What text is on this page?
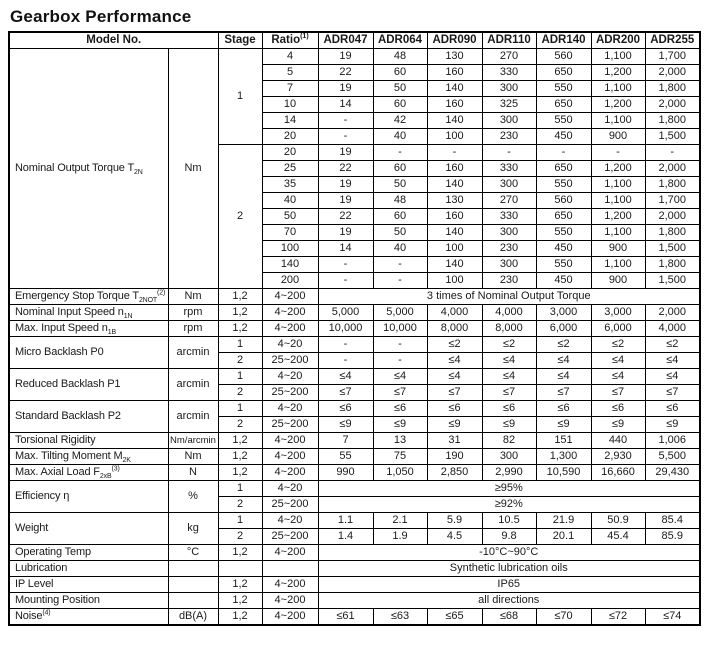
Gearbox Performance
Model No.		Stage	Ratio$^{(1)}$	ADR047	ADR064	ADR090	ADR110	ADR140	ADR200	ADR255
Nominal Output Torque $T_{2N}$	Nm	1	4	19	48	130	270	560	1,100	1,700
			5	22	60	160	330	650	1,200	2,000
			7	19	50	140	300	550	1,100	1,800
			10	14	60	160	325	650	1,200	2,000
			14	-	42	140	300	550	1,100	1,800
			20	-	40	100	230	450	900	1,500
		2	20	19	-	-	-	-	-	-
			25	22	60	160	330	650	1,200	2,000
			35	19	50	140	300	550	1,100	1,800
			40	19	48	130	270	560	1,100	1,700
			50	22	60	160	330	650	1,200	2,000
			70	19	50	140	300	550	1,100	1,800
			100	14	40	100	230	450	900	1,500
			140	-	-	140	300	550	1,100	1,800
			200	-	-	100	230	450	900	1,500
Emergency Stop Torque $T_{2NOT}^{(2)}$	Nm	1,2	4~200	3 times of Nominal Output Torque						
Nominal Input Speed $n_{1N}$	rpm	1,2	4~200	5,000	5,000	4,000	4,000	3,000	3,000	2,000
Max. Input Speed $n_{1B}$	rpm	1,2	4~200	10,000	10,000	8,000	8,000	6,000	6,000	4,000
Micro Backlash P0	arcmin	1	4~20	-	-	≤2	≤2	≤2	≤2	≤2
		2	25~200	-	-	≤4	≤4	≤4	≤4	≤4
Reduced Backlash P1	arcmin	1	4~20	≤4	≤4	≤4	≤4	≤4	≤4	≤4
		2	25~200	≤7	≤7	≤7	≤7	≤7	≤7	≤7
Standard Backlash P2	arcmin	1	4~20	≤6	≤6	≤6	≤6	≤6	≤6	≤6
		2	25~200	≤9	≤9	≤9	≤9	≤9	≤9	≤9
Torsional Rigidity	Nm/arcmin	1,2	4~200	7	13	31	82	151	440	1,006
Max. Tilting Moment $M_{2K}$	Nm	1,2	4~200	55	75	190	300	1,300	2,930	5,500
Max. Axial Load $F_{2xB}^{(3)}$	N	1,2	4~200	990	1,050	2,850	2,990	10,590	16,660	29,430
Efficiency η	%	1	4~20	≥95%						
		2	25~200	≥92%						
Weight	kg	1	4~20	1.1	2.1	5.9	10.5	21.9	50.9	85.4
		2	25~200	1.4	1.9	4.5	9.8	20.1	45.4	85.9
Operating Temp	°C	1,2	4~200	-10°C~90°C						
Lubrication				Synthetic lubrication oils						
IP Level		1,2	4~200	IP65						
Mounting Position		1,2	4~200	all directions						
Noise$^{(4)}$	dB(A)	1,2	4~200	≤61	≤63	≤65	≤68	≤70	≤72	≤74
